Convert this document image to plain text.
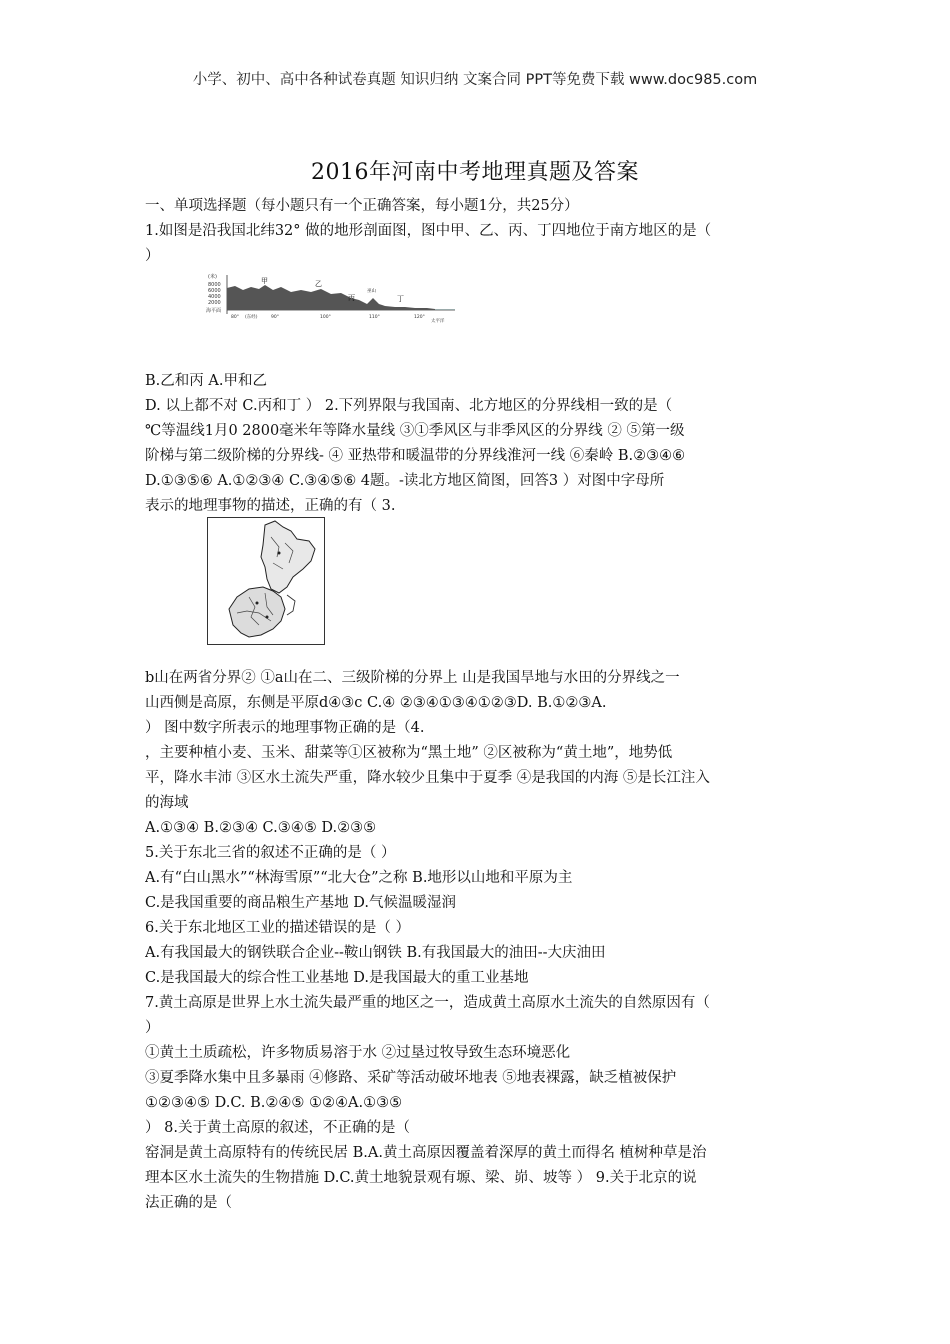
小学、初中、高中各种试卷真题 知识归纳 文案合同 PPT等免费下载 www.doc985.com
2016年河南中考地理真题及答案
一、单项选择题（每小题只有一个正确答案，每小题1分，共25分）
1.如图是沿我国北纬32° 做的地形剖面图，图中甲、乙、丙、丁四地位于南方地区的是（
）
(米)
8000
6000
4000
2000
海平面
甲	乙
丙
巫山
丁
80° (东经)	90°	100°	110°	120°
太平洋
B.乙和丙 A.甲和乙
D. 以上都不对 C.丙和丁 ） 2.下列界限与我国南、北方地区的分界线相一致的是（
℃等温线1月0 2800毫米年等降水量线 ③①季风区与非季风区的分界线 ② ⑤第一级
阶梯与第二级阶梯的分界线- ④ 亚热带和暖温带的分界线淮河一线 ⑥秦岭 B.②③④⑥
D.①③⑤⑥ A.①②③④ C.③④⑤⑥ 4题。-读北方地区简图，回答3 ）对图中字母所
表示的地理事物的描述，正确的有（ 3.
b山在两省分界② ①a山在二、三级阶梯的分界上 山是我国旱地与水田的分界线之一
山西侧是高原，东侧是平原d④③c C.④ ②③④①③④①②③D. B.①②③A.
） 图中数字所表示的地理事物正确的是（4.
，主要种植小麦、玉米、甜菜等①区被称为“黑土地” ②区被称为“黄土地”，地势低
平，降水丰沛 ③区水土流失严重，降水较少且集中于夏季 ④是我国的内海 ⑤是长江注入
的海域
A.①③④ B.②③④ C.③④⑤ D.②③⑤
5.关于东北三省的叙述不正确的是（ ）
A.有“白山黑水”“林海雪原”“北大仓”之称 B.地形以山地和平原为主
C.是我国重要的商品粮生产基地 D.气候温暖湿润
6.关于东北地区工业的描述错误的是（ ）
A.有我国最大的钢铁联合企业--鞍山钢铁 B.有我国最大的油田--大庆油田
C.是我国最大的综合性工业基地 D.是我国最大的重工业基地
7.黄土高原是世界上水土流失最严重的地区之一，造成黄土高原水土流失的自然原因有（
）
①黄土土质疏松，许多物质易溶于水 ②过垦过牧导致生态环境恶化
③夏季降水集中且多暴雨 ④修路、采矿等活动破坏地表 ⑤地表裸露，缺乏植被保护
①②③④⑤ D.C. B.②④⑤ ①②④A.①③⑤
） 8.关于黄土高原的叙述，不正确的是（
窑洞是黄土高原特有的传统民居 B.A.黄土高原因覆盖着深厚的黄土而得名 植树种草是治
理本区水土流失的生物措施 D.C.黄土地貌景观有塬、梁、峁、坡等 ） 9.关于北京的说
法正确的是（
